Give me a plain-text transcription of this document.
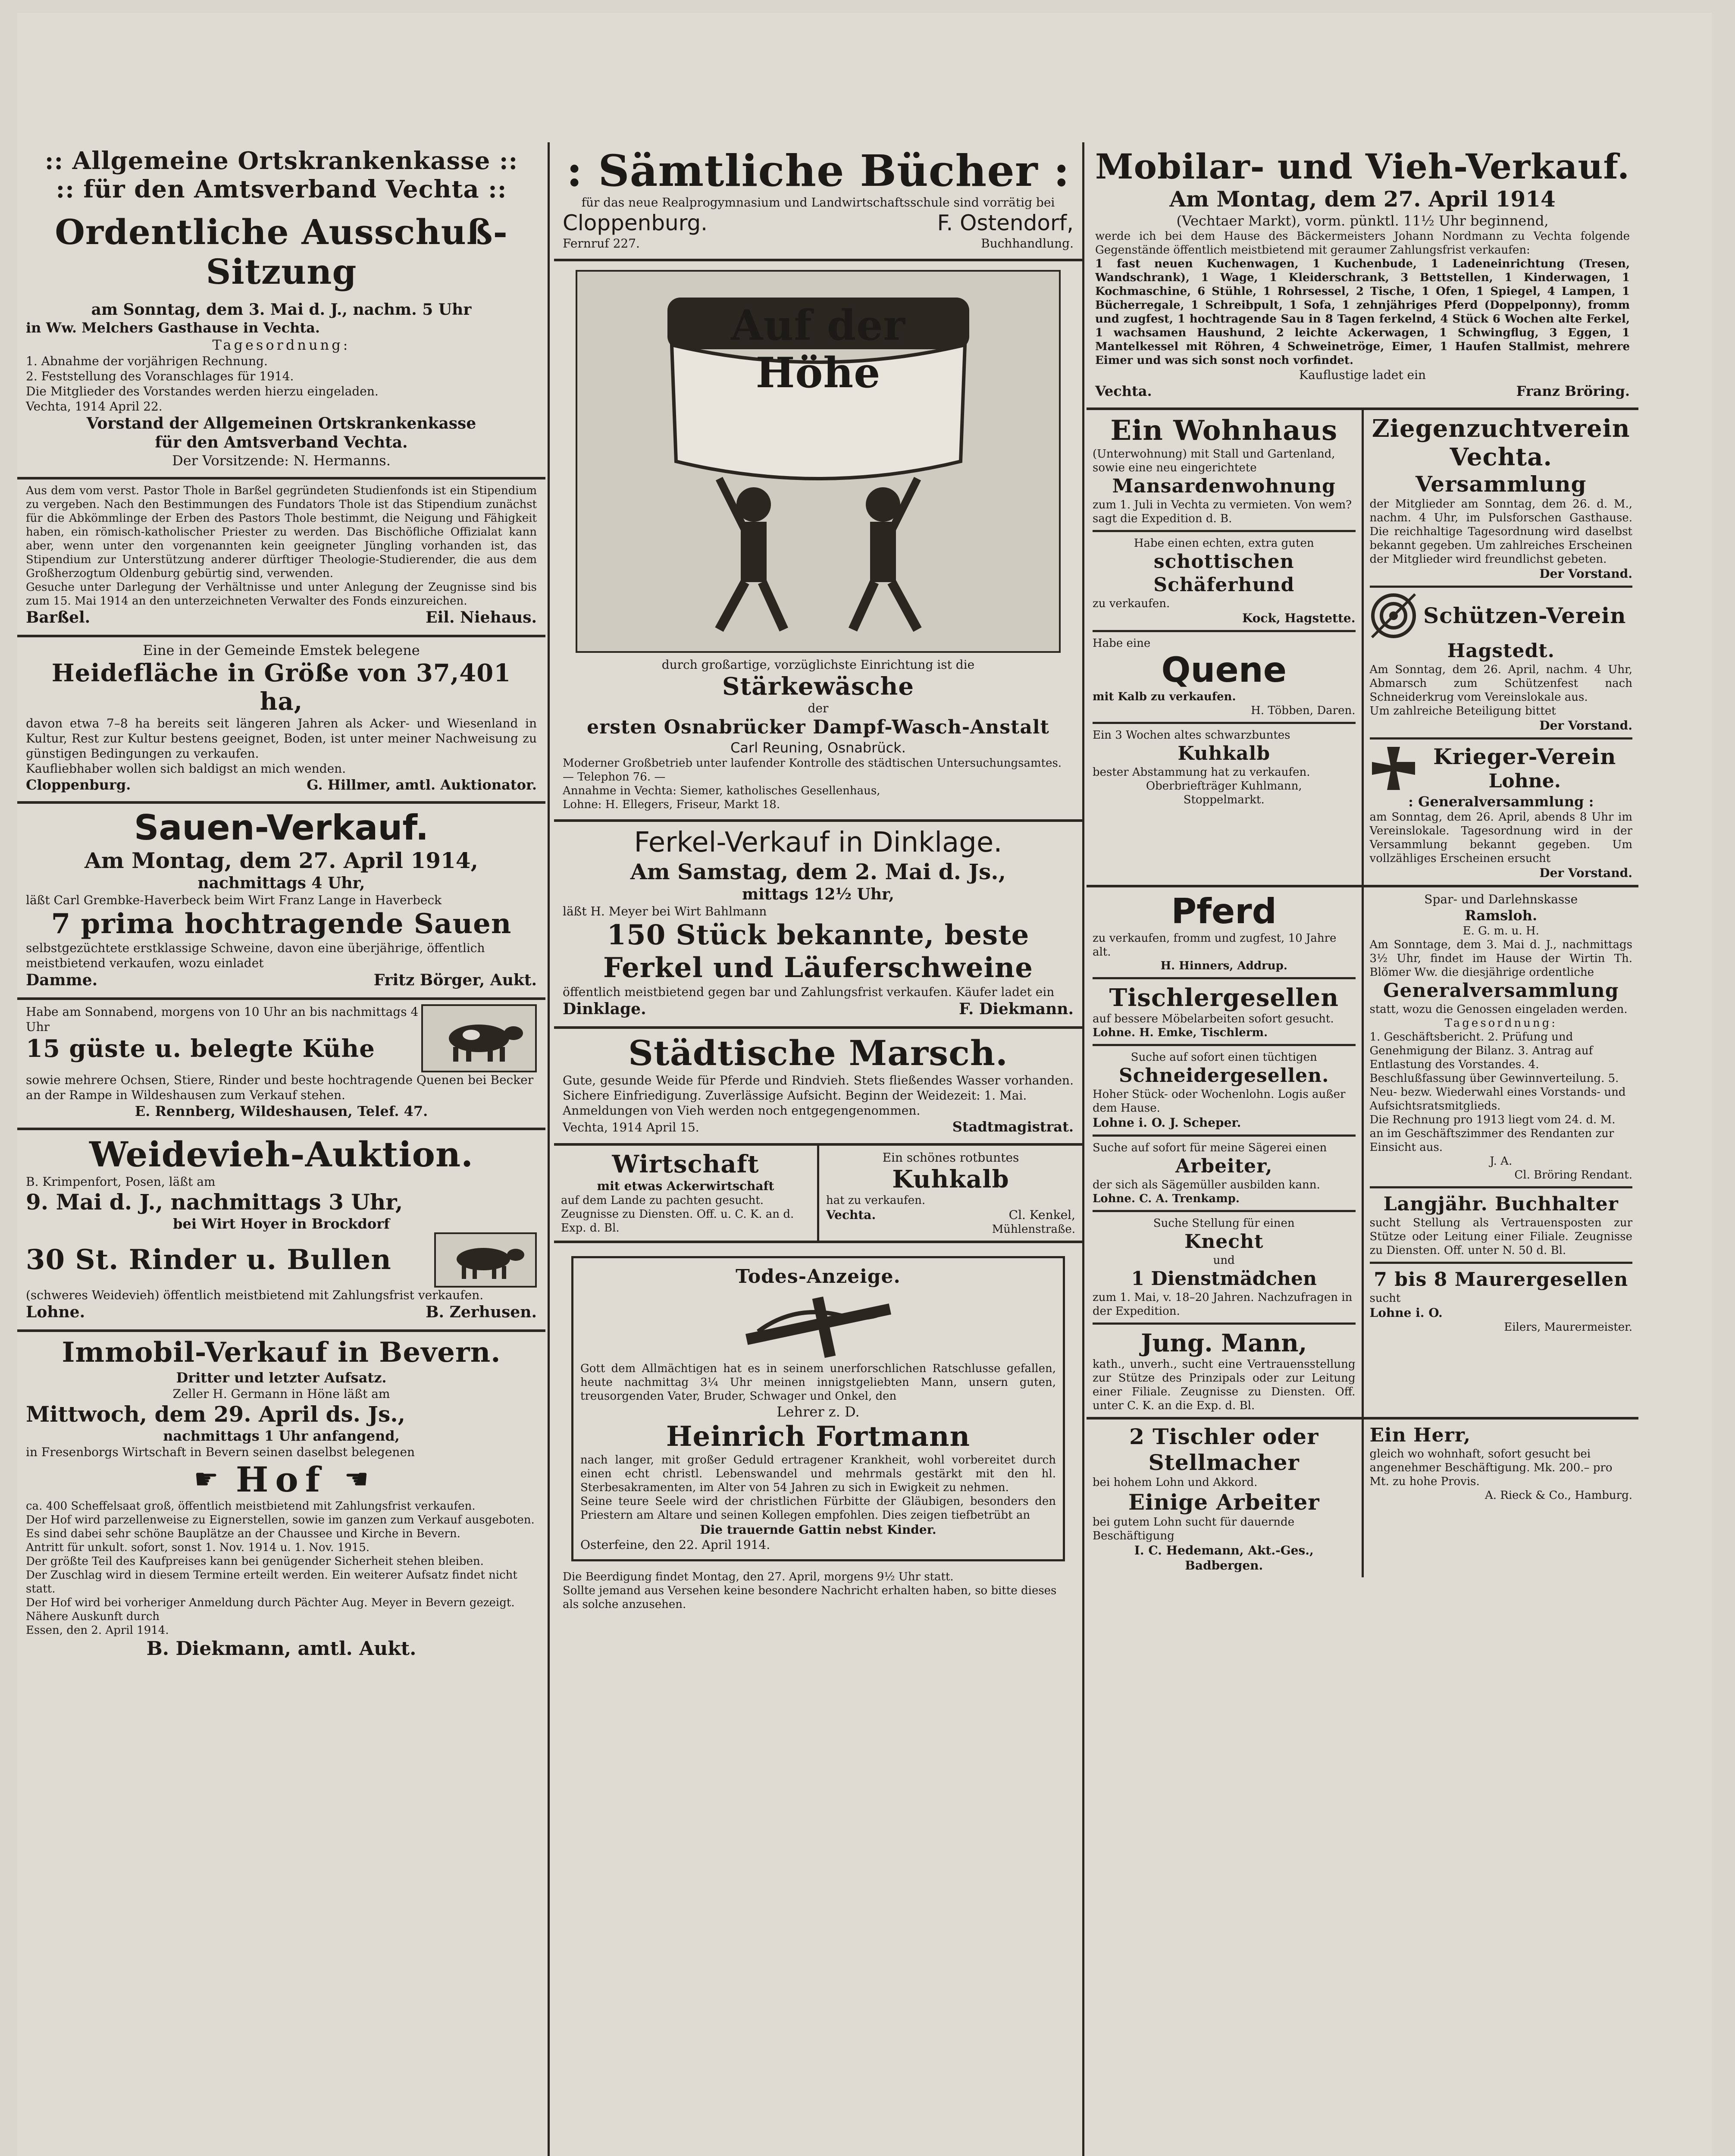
:: Allgemeine Ortskrankenkasse ::
:: für den Amtsverband Vechta ::
Ordentliche Ausschuß-Sitzung
am Sonntag, dem 3. Mai d. J., nachm. 5 Uhr
in Ww. Melchers Gasthause in Vechta.
Tagesordnung:
1. Abnahme der vorjährigen Rechnung.
2. Feststellung des Voranschlages für 1914.
Die Mitglieder des Vorstandes werden hierzu eingeladen.
Vechta, 1914 April 22.
Vorstand der Allgemeinen Ortskrankenkasse
für den Amtsverband Vechta.
Der Vorsitzende: N. Hermanns.
Aus dem vom verst. Pastor Thole in Barßel gegründeten Studienfonds ist ein Stipendium zu vergeben. Nach den Bestimmungen des Fundators Thole ist das Stipendium zunächst für die Abkömmlinge der Erben des Pastors Thole bestimmt, die Neigung und Fähigkeit haben, ein römisch-katholischer Priester zu werden. Das Bischöfliche Offizialat kann aber, wenn unter den vorgenannten kein geeigneter Jüngling vorhanden ist, das Stipendium zur Unterstützung anderer dürftiger Theologie-Studierender, die aus dem Großherzogtum Oldenburg gebürtig sind, verwenden.
Gesuche unter Darlegung der Verhältnisse und unter Anlegung der Zeugnisse sind bis zum 15. Mai 1914 an den unterzeichneten Verwalter des Fonds einzureichen.
Barßel.	Eil. Niehaus.
Eine in der Gemeinde Emstek belegene
Heidefläche in Größe von 37,401 ha,
davon etwa 7–8 ha bereits seit längeren Jahren als Acker- und Wiesenland in Kultur, Rest zur Kultur bestens geeignet, Boden, ist unter meiner Nachweisung zu günstigen Bedingungen zu verkaufen.
Kaufliebhaber wollen sich baldigst an mich wenden.
Cloppenburg.	G. Hillmer, amtl. Auktionator.
Sauen-Verkauf.
Am Montag, dem 27. April 1914,
nachmittags 4 Uhr,
läßt Carl Grembke-Haverbeck beim Wirt Franz Lange in Haverbeck
7 prima hochtragende Sauen
selbstgezüchtete erstklassige Schweine, davon eine überjährige, öffentlich meistbietend verkaufen, wozu einladet
Damme.	Fritz Börger, Aukt.
Habe am Sonnabend, morgens von 10 Uhr an bis nachmittags 4 Uhr
15 güste u. belegte Kühe
sowie mehrere Ochsen, Stiere, Rinder und beste hochtragende Quenen bei Becker an der Rampe in Wildeshausen zum Verkauf stehen.
E. Rennberg, Wildeshausen, Telef. 47.
Weidevieh-Auktion.
B. Krimpenfort, Posen, läßt am
9. Mai d. J., nachmittags 3 Uhr,
bei Wirt Hoyer in Brockdorf
30 St. Rinder u. Bullen
(schweres Weidevieh) öffentlich meistbietend mit Zahlungsfrist verkaufen.
Lohne.	B. Zerhusen.
Immobil-Verkauf in Bevern.
Dritter und letzter Aufsatz.
Zeller H. Germann in Höne läßt am
Mittwoch, dem 29. April ds. Js.,
nachmittags 1 Uhr anfangend,
in Fresenborgs Wirtschaft in Bevern seinen daselbst belegenen
☛ Hof ☚
ca. 400 Scheffelsaat groß, öffentlich meistbietend mit Zahlungsfrist verkaufen.
Der Hof wird parzellenweise zu Eignerstellen, sowie im ganzen zum Verkauf ausgeboten.
Es sind dabei sehr schöne Bauplätze an der Chaussee und Kirche in Bevern.
Antritt für unkult. sofort, sonst 1. Nov. 1914 u. 1. Nov. 1915.
Der größte Teil des Kaufpreises kann bei genügender Sicherheit stehen bleiben.
Der Zuschlag wird in diesem Termine erteilt werden. Ein weiterer Aufsatz findet nicht statt.
Der Hof wird bei vorheriger Anmeldung durch Pächter Aug. Meyer in Bevern gezeigt. Nähere Auskunft durch
Essen, den 2. April 1914.
B. Diekmann, amtl. Aukt.
: Sämtliche Bücher :
für das neue Realprogymnasium und Landwirtschaftsschule sind vorrätig bei
Cloppenburg.	F. Ostendorf,
Fernruf 227.	Buchhandlung.
Auf der Höhe
durch großartige, vorzüglichste Einrichtung ist die
Stärkewäsche
der
ersten Osnabrücker Dampf-Wasch-Anstalt
Carl Reuning, Osnabrück.
Moderner Großbetrieb unter laufender Kontrolle des städtischen Untersuchungsamtes. — Telephon 76. —
Annahme in Vechta: Siemer, katholisches Gesellenhaus,
Lohne: H. Ellegers, Friseur, Markt 18.
Ferkel-Verkauf in Dinklage.
Am Samstag, dem 2. Mai d. Js.,
mittags 12½ Uhr,
läßt H. Meyer bei Wirt Bahlmann
150 Stück bekannte, beste
Ferkel und Läuferschweine
öffentlich meistbietend gegen bar und Zahlungsfrist verkaufen. Käufer ladet ein
Dinklage.	F. Diekmann.
Städtische Marsch.
Gute, gesunde Weide für Pferde und Rindvieh. Stets fließendes Wasser vorhanden. Sichere Einfriedigung. Zuverlässige Aufsicht. Beginn der Weidezeit: 1. Mai.
Anmeldungen von Vieh werden noch entgegengenommen.
Vechta, 1914 April 15.	Stadtmagistrat.
Wirtschaft
mit etwas Ackerwirtschaft
auf dem Lande zu pachten gesucht. Zeugnisse zu Diensten. Off. u. C. K. an d. Exp. d. Bl.
Ein schönes rotbuntes
Kuhkalb
hat zu verkaufen.
Vechta.	Cl. Kenkel,
Mühlenstraße.
Todes-Anzeige.
Gott dem Allmächtigen hat es in seinem unerforschlichen Ratschlusse gefallen, heute nachmittag 3¼ Uhr meinen innigstgeliebten Mann, unsern guten, treusorgenden Vater, Bruder, Schwager und Onkel, den
Lehrer z. D.
Heinrich Fortmann
nach langer, mit großer Geduld ertragener Krankheit, wohl vorbereitet durch einen echt christl. Lebenswandel und mehrmals gestärkt mit den hl. Sterbesakramenten, im Alter von 54 Jahren zu sich in Ewigkeit zu nehmen.
Seine teure Seele wird der christlichen Fürbitte der Gläubigen, besonders den Priestern am Altare und seinen Kollegen empfohlen. Dies zeigen tiefbetrübt an
Die trauernde Gattin nebst Kinder.
Osterfeine, den 22. April 1914.
Die Beerdigung findet Montag, den 27. April, morgens 9½ Uhr statt.
Sollte jemand aus Versehen keine besondere Nachricht erhalten haben, so bitte dieses als solche anzusehen.
Mobilar- und Vieh-Verkauf.
Am Montag, dem 27. April 1914
(Vechtaer Markt), vorm. pünktl. 11½ Uhr beginnend,
werde ich bei dem Hause des Bäckermeisters Johann Nordmann zu Vechta folgende Gegenstände öffentlich meistbietend mit geraumer Zahlungsfrist verkaufen:
1 fast neuen Kuchenwagen, 1 Kuchenbude, 1 Ladeneinrichtung (Tresen, Wandschrank), 1 Wage, 1 Kleiderschrank, 3 Bettstellen, 1 Kinderwagen, 1 Kochmaschine, 6 Stühle, 1 Rohrsessel, 2 Tische, 1 Ofen, 1 Spiegel, 4 Lampen, 1 Bücherregale, 1 Schreibpult, 1 Sofa, 1 zehnjähriges Pferd (Doppelponny), fromm und zugfest, 1 hochtragende Sau in 8 Tagen ferkelnd, 4 Stück 6 Wochen alte Ferkel, 1 wachsamen Haushund, 2 leichte Ackerwagen, 1 Schwingflug, 3 Eggen, 1 Mantelkessel mit Röhren, 4 Schweinetröge, Eimer, 1 Haufen Stallmist, mehrere Eimer und was sich sonst noch vorfindet.
Kauflustige ladet ein
Vechta.	Franz Bröring.
Ein Wohnhaus
(Unterwohnung) mit Stall und Gartenland, sowie eine neu eingerichtete
Mansardenwohnung
zum 1. Juli in Vechta zu vermieten. Von wem? sagt die Expedition d. B.
Habe einen echten, extra guten
schottischen Schäferhund
zu verkaufen.
Kock, Hagstette.
Habe eine
Quene
mit Kalb zu verkaufen.
H. Többen, Daren.
Ein 3 Wochen altes schwarzbuntes
Kuhkalb
bester Abstammung hat zu verkaufen.
Oberbriefträger Kuhlmann,
Stoppelmarkt.
Ziegenzuchtverein
Vechta.
Versammlung
der Mitglieder am Sonntag, dem 26. d. M., nachm. 4 Uhr, im Pulsforschen Gasthause. Die reichhaltige Tagesordnung wird daselbst bekannt gegeben. Um zahlreiches Erscheinen der Mitglieder wird freundlichst gebeten.
Der Vorstand.
Schützen-Verein
Hagstedt.
Am Sonntag, dem 26. April, nachm. 4 Uhr, Abmarsch zum Schützenfest nach Schneiderkrug vom Vereinslokale aus.
Um zahlreiche Beteiligung bittet
Der Vorstand.
Krieger-Verein
Lohne.
: Generalversammlung :
am Sonntag, dem 26. April, abends 8 Uhr im Vereinslokale. Tagesordnung wird in der Versammlung bekannt gegeben. Um vollzähliges Erscheinen ersucht
Der Vorstand.
Pferd
zu verkaufen, fromm und zugfest, 10 Jahre alt.
H. Hinners, Addrup.
Tischlergesellen
auf bessere Möbelarbeiten sofort gesucht.
Lohne. H. Emke, Tischlerm.
Suche auf sofort einen tüchtigen
Schneidergesellen.
Hoher Stück- oder Wochenlohn. Logis außer dem Hause.
Lohne i. O. J. Scheper.
Suche auf sofort für meine Sägerei einen
Arbeiter,
der sich als Sägemüller ausbilden kann.
Lohne. C. A. Trenkamp.
Suche Stellung für einen
Knecht
und
1 Dienstmädchen
zum 1. Mai, v. 18–20 Jahren. Nachzufragen in der Expedition.
Jung. Mann,
kath., unverh., sucht eine Vertrauensstellung zur Stütze des Prinzipals oder zur Leitung einer Filiale. Zeugnisse zu Diensten. Off. unter C. K. an die Exp. d. Bl.
Spar- und Darlehnskasse
Ramsloh.
E. G. m. u. H.
Am Sonntage, dem 3. Mai d. J., nachmittags 3½ Uhr, findet im Hause der Wirtin Th. Blömer Ww. die diesjährige ordentliche
Generalversammlung
statt, wozu die Genossen eingeladen werden.
Tagesordnung:
1. Geschäftsbericht. 2. Prüfung und Genehmigung der Bilanz. 3. Antrag auf Entlastung des Vorstandes. 4. Beschlußfassung über Gewinnverteilung. 5. Neu- bezw. Wiederwahl eines Vorstands- und Aufsichtsratsmitglieds.
Die Rechnung pro 1913 liegt vom 24. d. M. an im Geschäftszimmer des Rendanten zur Einsicht aus.
J. A.
Cl. Bröring Rendant.
Langjähr. Buchhalter
sucht Stellung als Vertrauensposten zur Stütze oder Leitung einer Filiale. Zeugnisse zu Diensten. Off. unter N. 50 d. Bl.
7 bis 8 Maurergesellen
sucht
Lohne i. O.
Eilers, Maurermeister.
2 Tischler oder
Stellmacher
bei hohem Lohn und Akkord.
Einige Arbeiter
bei gutem Lohn sucht für dauernde Beschäftigung
I. C. Hedemann, Akt.-Ges.,
Badbergen.
Ein Herr,
gleich wo wohnhaft, sofort gesucht bei angenehmer Beschäftigung. Mk. 200.– pro Mt. zu hohe Provis.
A. Rieck & Co., Hamburg.
